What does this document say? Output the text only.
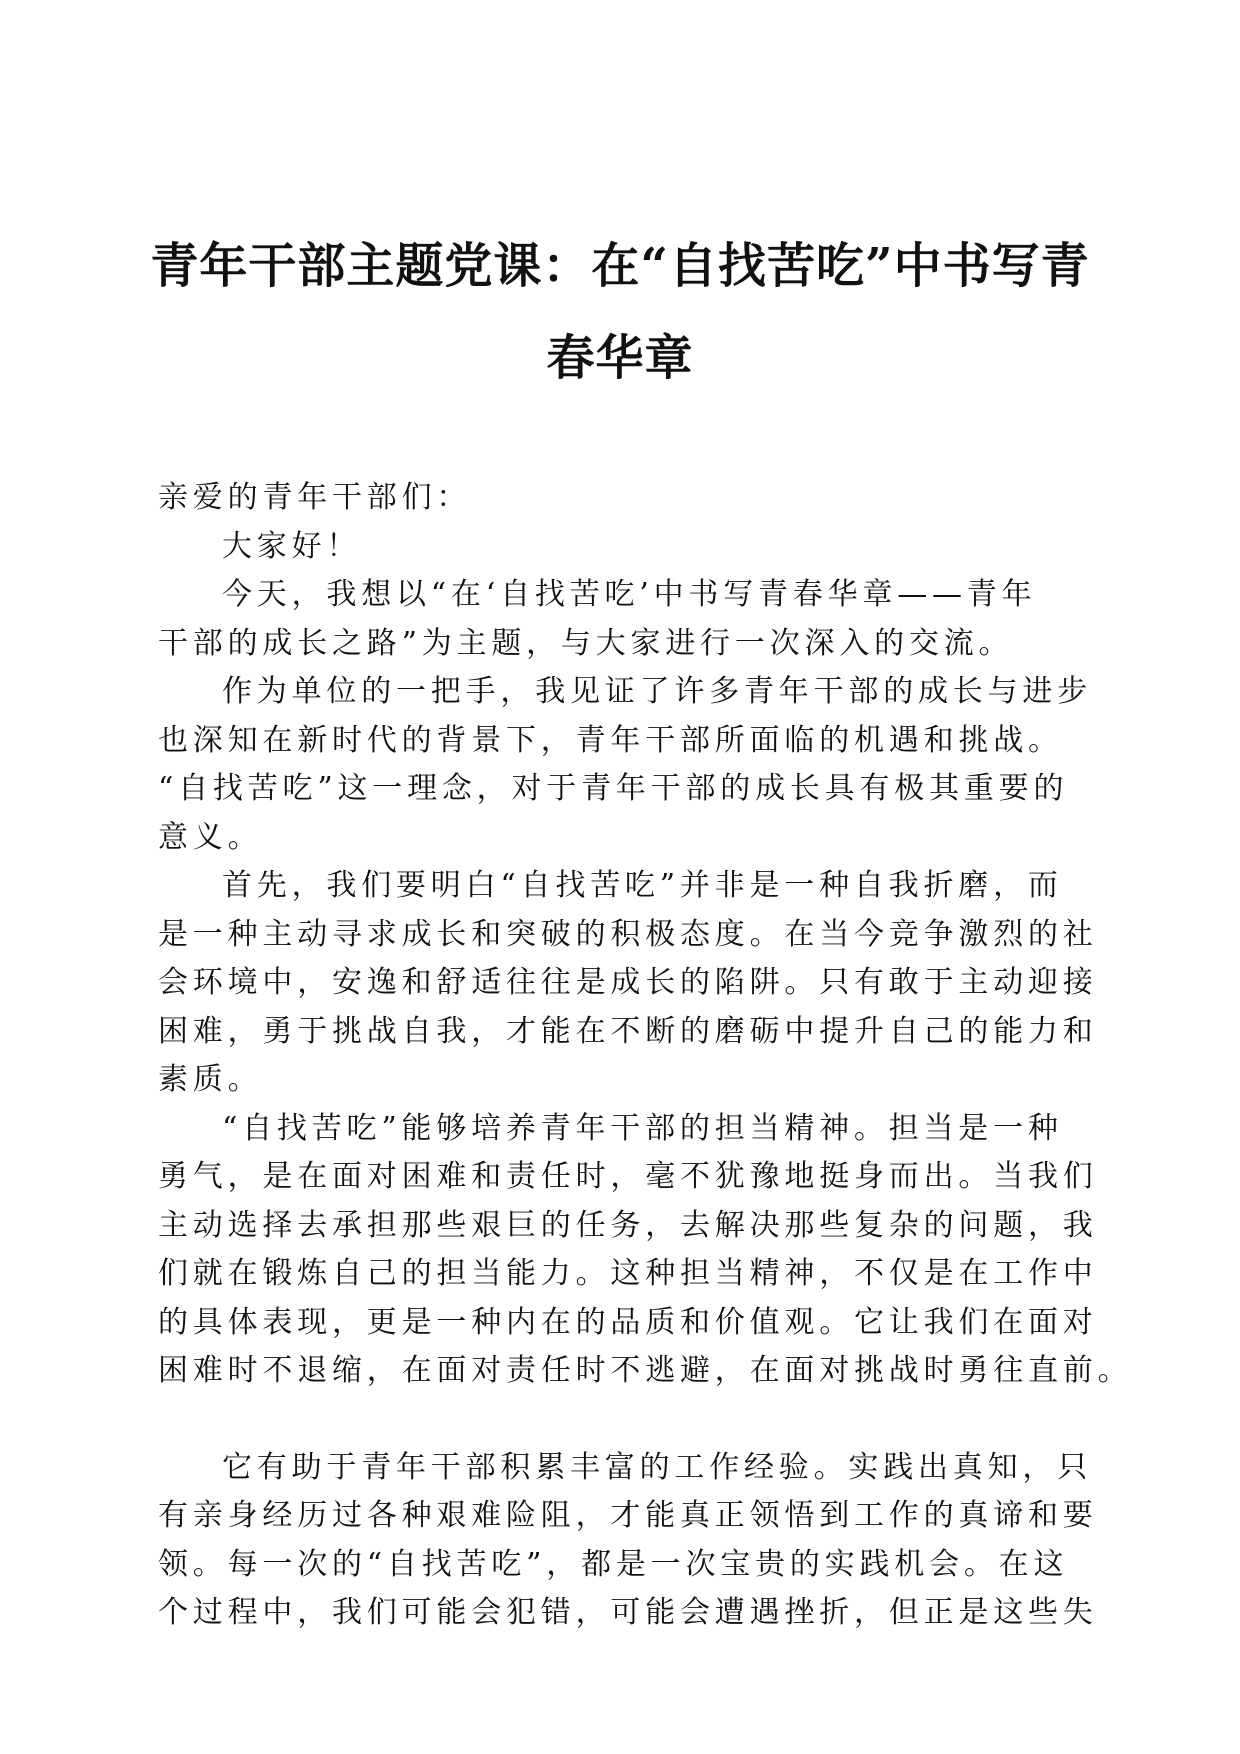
青年干部主题党课：在“自找苦吃”中书写青
春华章
亲爱的青年干部们：
大家好！
今天，我想以“在‘自找苦吃’中书写青春华章——青年
干部的成长之路”为主题，与大家进行一次深入的交流。
作为单位的一把手，我见证了许多青年干部的成长与进步
也深知在新时代的背景下，青年干部所面临的机遇和挑战。
“自找苦吃”这一理念，对于青年干部的成长具有极其重要的
意义。
首先，我们要明白“自找苦吃”并非是一种自我折磨，而
是一种主动寻求成长和突破的积极态度。在当今竞争激烈的社
会环境中，安逸和舒适往往是成长的陷阱。只有敢于主动迎接
困难，勇于挑战自我，才能在不断的磨砺中提升自己的能力和
素质。
“自找苦吃”能够培养青年干部的担当精神。担当是一种
勇气，是在面对困难和责任时，毫不犹豫地挺身而出。当我们
主动选择去承担那些艰巨的任务，去解决那些复杂的问题，我
们就在锻炼自己的担当能力。这种担当精神，不仅是在工作中
的具体表现，更是一种内在的品质和价值观。它让我们在面对
困难时不退缩，在面对责任时不逃避，在面对挑战时勇往直前。
它有助于青年干部积累丰富的工作经验。实践出真知，只
有亲身经历过各种艰难险阻，才能真正领悟到工作的真谛和要
领。每一次的“自找苦吃”，都是一次宝贵的实践机会。在这
个过程中，我们可能会犯错，可能会遭遇挫折，但正是这些失
